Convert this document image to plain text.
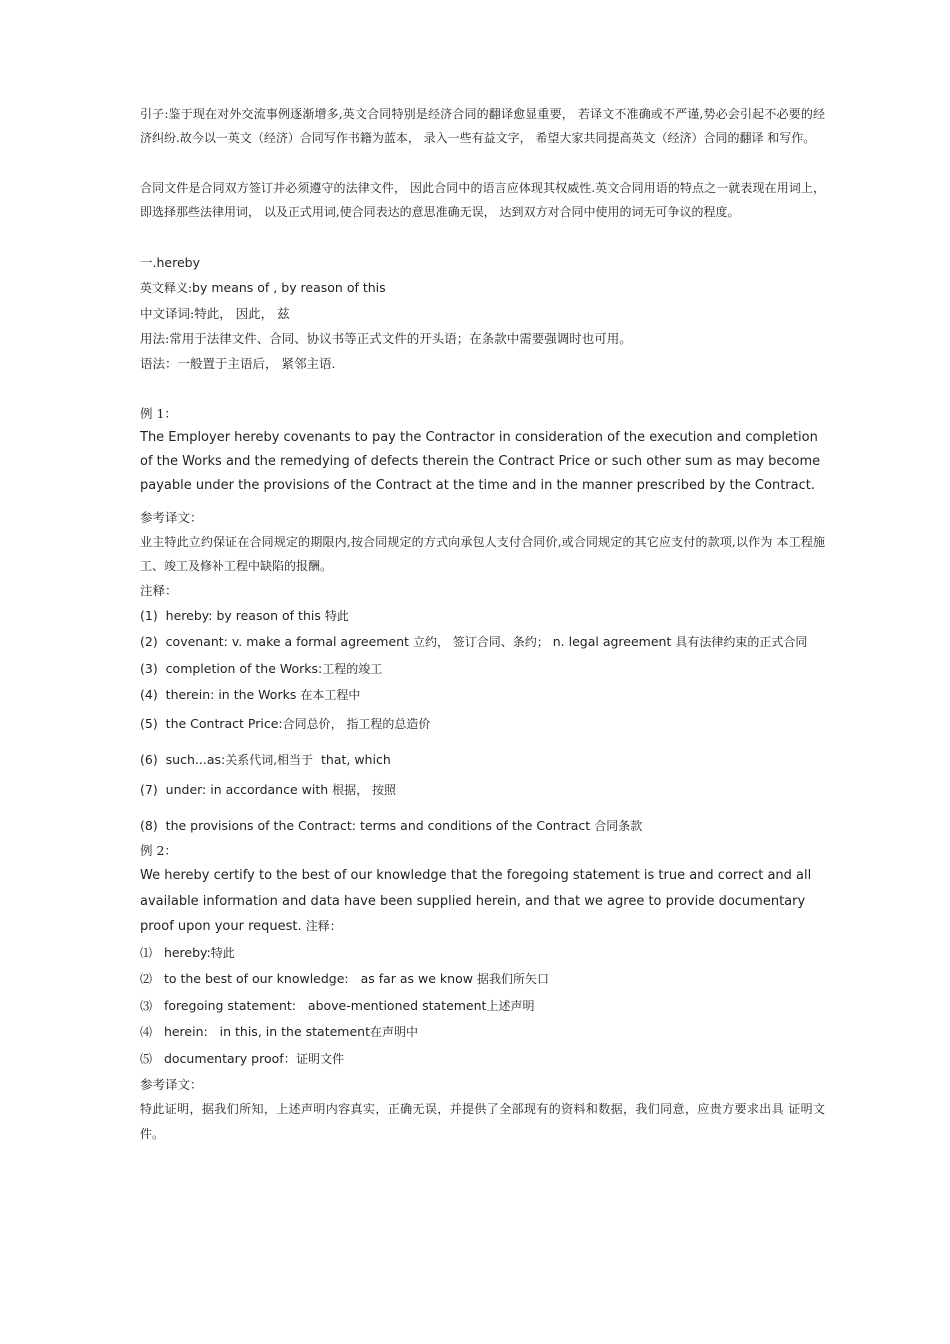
引子:鉴于现在对外交流事例逐渐增多,英文合同特别是经济合同的翻译愈显重要， 若译文不准确或不严谨,势必会引起不必要的经济纠纷.故今以一英文（经济）合同写作书籍为蓝本， 录入一些有益文字， 希望大家共同提高英文（经济）合同的翻译 和写作。

合同文件是合同双方签订并必须遵守的法律文件， 因此合同中的语言应体现其权威性.英文合同用语的特点之一就表现在用词上， 即选择那些法律用词， 以及正式用词,使合同表达的意思准确无误， 达到双方对合同中使用的词无可争议的程度。

一.hereby

英文释义:by means of , by reason of this

中文译词:特此， 因此， 兹

用法:常用于法律文件、合同、协议书等正式文件的开头语；在条款中需要强调时也可用。

语法：一般置于主语后， 紧邻主语.

例 1：

The Employer hereby covenants to pay the Contractor in consideration of the execution and completion of the Works and the remedying of defects therein the Contract Price or such other sum as may become payable under the provisions of the Contract at the time and in the manner prescribed by the Contract.

参考译文：

业主特此立约保证在合同规定的期限内,按合同规定的方式向承包人支付合同价,或合同规定的其它应支付的款项,以作为 本工程施工、竣工及修补工程中缺陷的报酬。

注释：

(1) hereby: by reason of this 特此

(2) covenant: v. make a formal agreement 立约， 签订合同、条约； n. legal agreement 具有法律约束的正式合同

(3) completion of the Works:工程的竣工

(4) therein: in the Works 在本工程中

(5) the Contract Price:合同总价， 指工程的总造价

(6) such...as:关系代词,相当于 that, which

(7) under: in accordance with 根据， 按照

(8) the provisions of the Contract: terms and conditions of the Contract 合同条款

例 2：

We hereby certify to the best of our knowledge that the foregoing statement is true and correct and all available information and data have been supplied herein, and that we agree to provide documentary proof upon your request. 注释：

⑴ hereby:特此

⑵ to the best of our knowledge: as far as we know 据我们所矢口

⑶ foregoing statement: above-mentioned statement上述声明

⑷ herein: in this, in the statement在声明中

⑸ documentary proof：证明文件

参考译文：

特此证明，据我们所知，上述声明内容真实，正确无误，并提供了全部现有的资料和数据，我们同意，应贵方要求出具 证明文件。
